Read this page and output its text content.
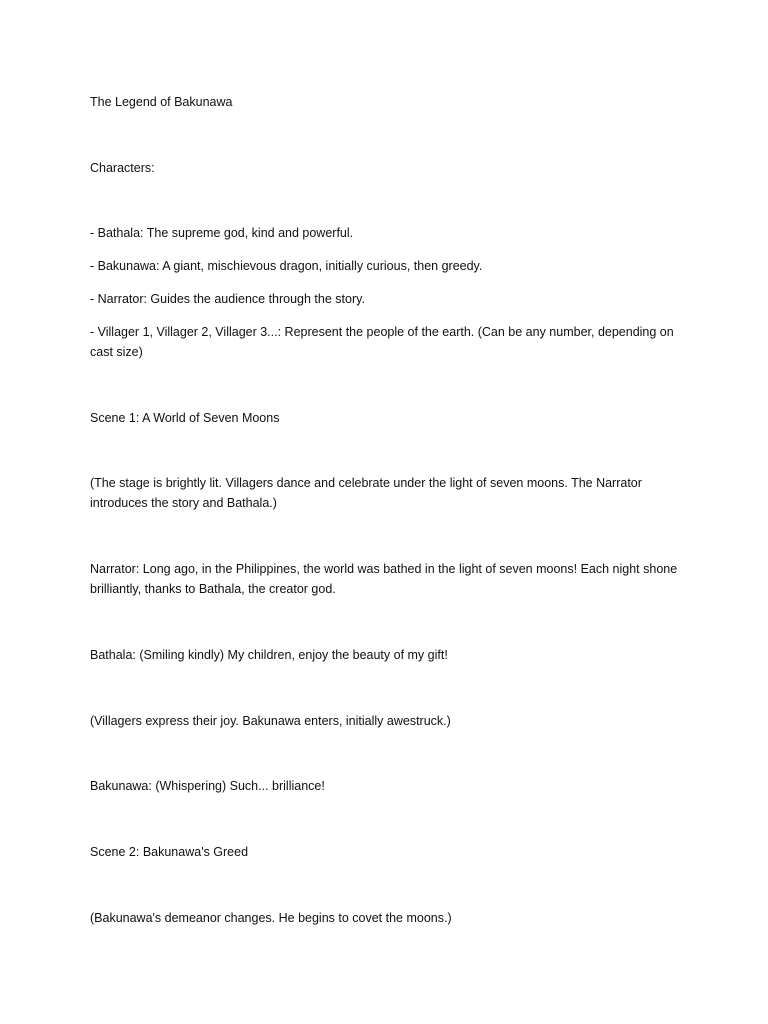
The Legend of Bakunawa

Characters:

- Bathala: The supreme god, kind and powerful.

- Bakunawa: A giant, mischievous dragon, initially curious, then greedy.

- Narrator: Guides the audience through the story.

- Villager 1, Villager 2, Villager 3...: Represent the people of the earth. (Can be any number, depending on cast size)

Scene 1: A World of Seven Moons

(The stage is brightly lit. Villagers dance and celebrate under the light of seven moons. The Narrator introduces the story and Bathala.)

Narrator: Long ago, in the Philippines, the world was bathed in the light of seven moons! Each night shone brilliantly, thanks to Bathala, the creator god.

Bathala: (Smiling kindly) My children, enjoy the beauty of my gift!

(Villagers express their joy. Bakunawa enters, initially awestruck.)

Bakunawa: (Whispering) Such... brilliance!

Scene 2: Bakunawa's Greed

(Bakunawa's demeanor changes. He begins to covet the moons.)
